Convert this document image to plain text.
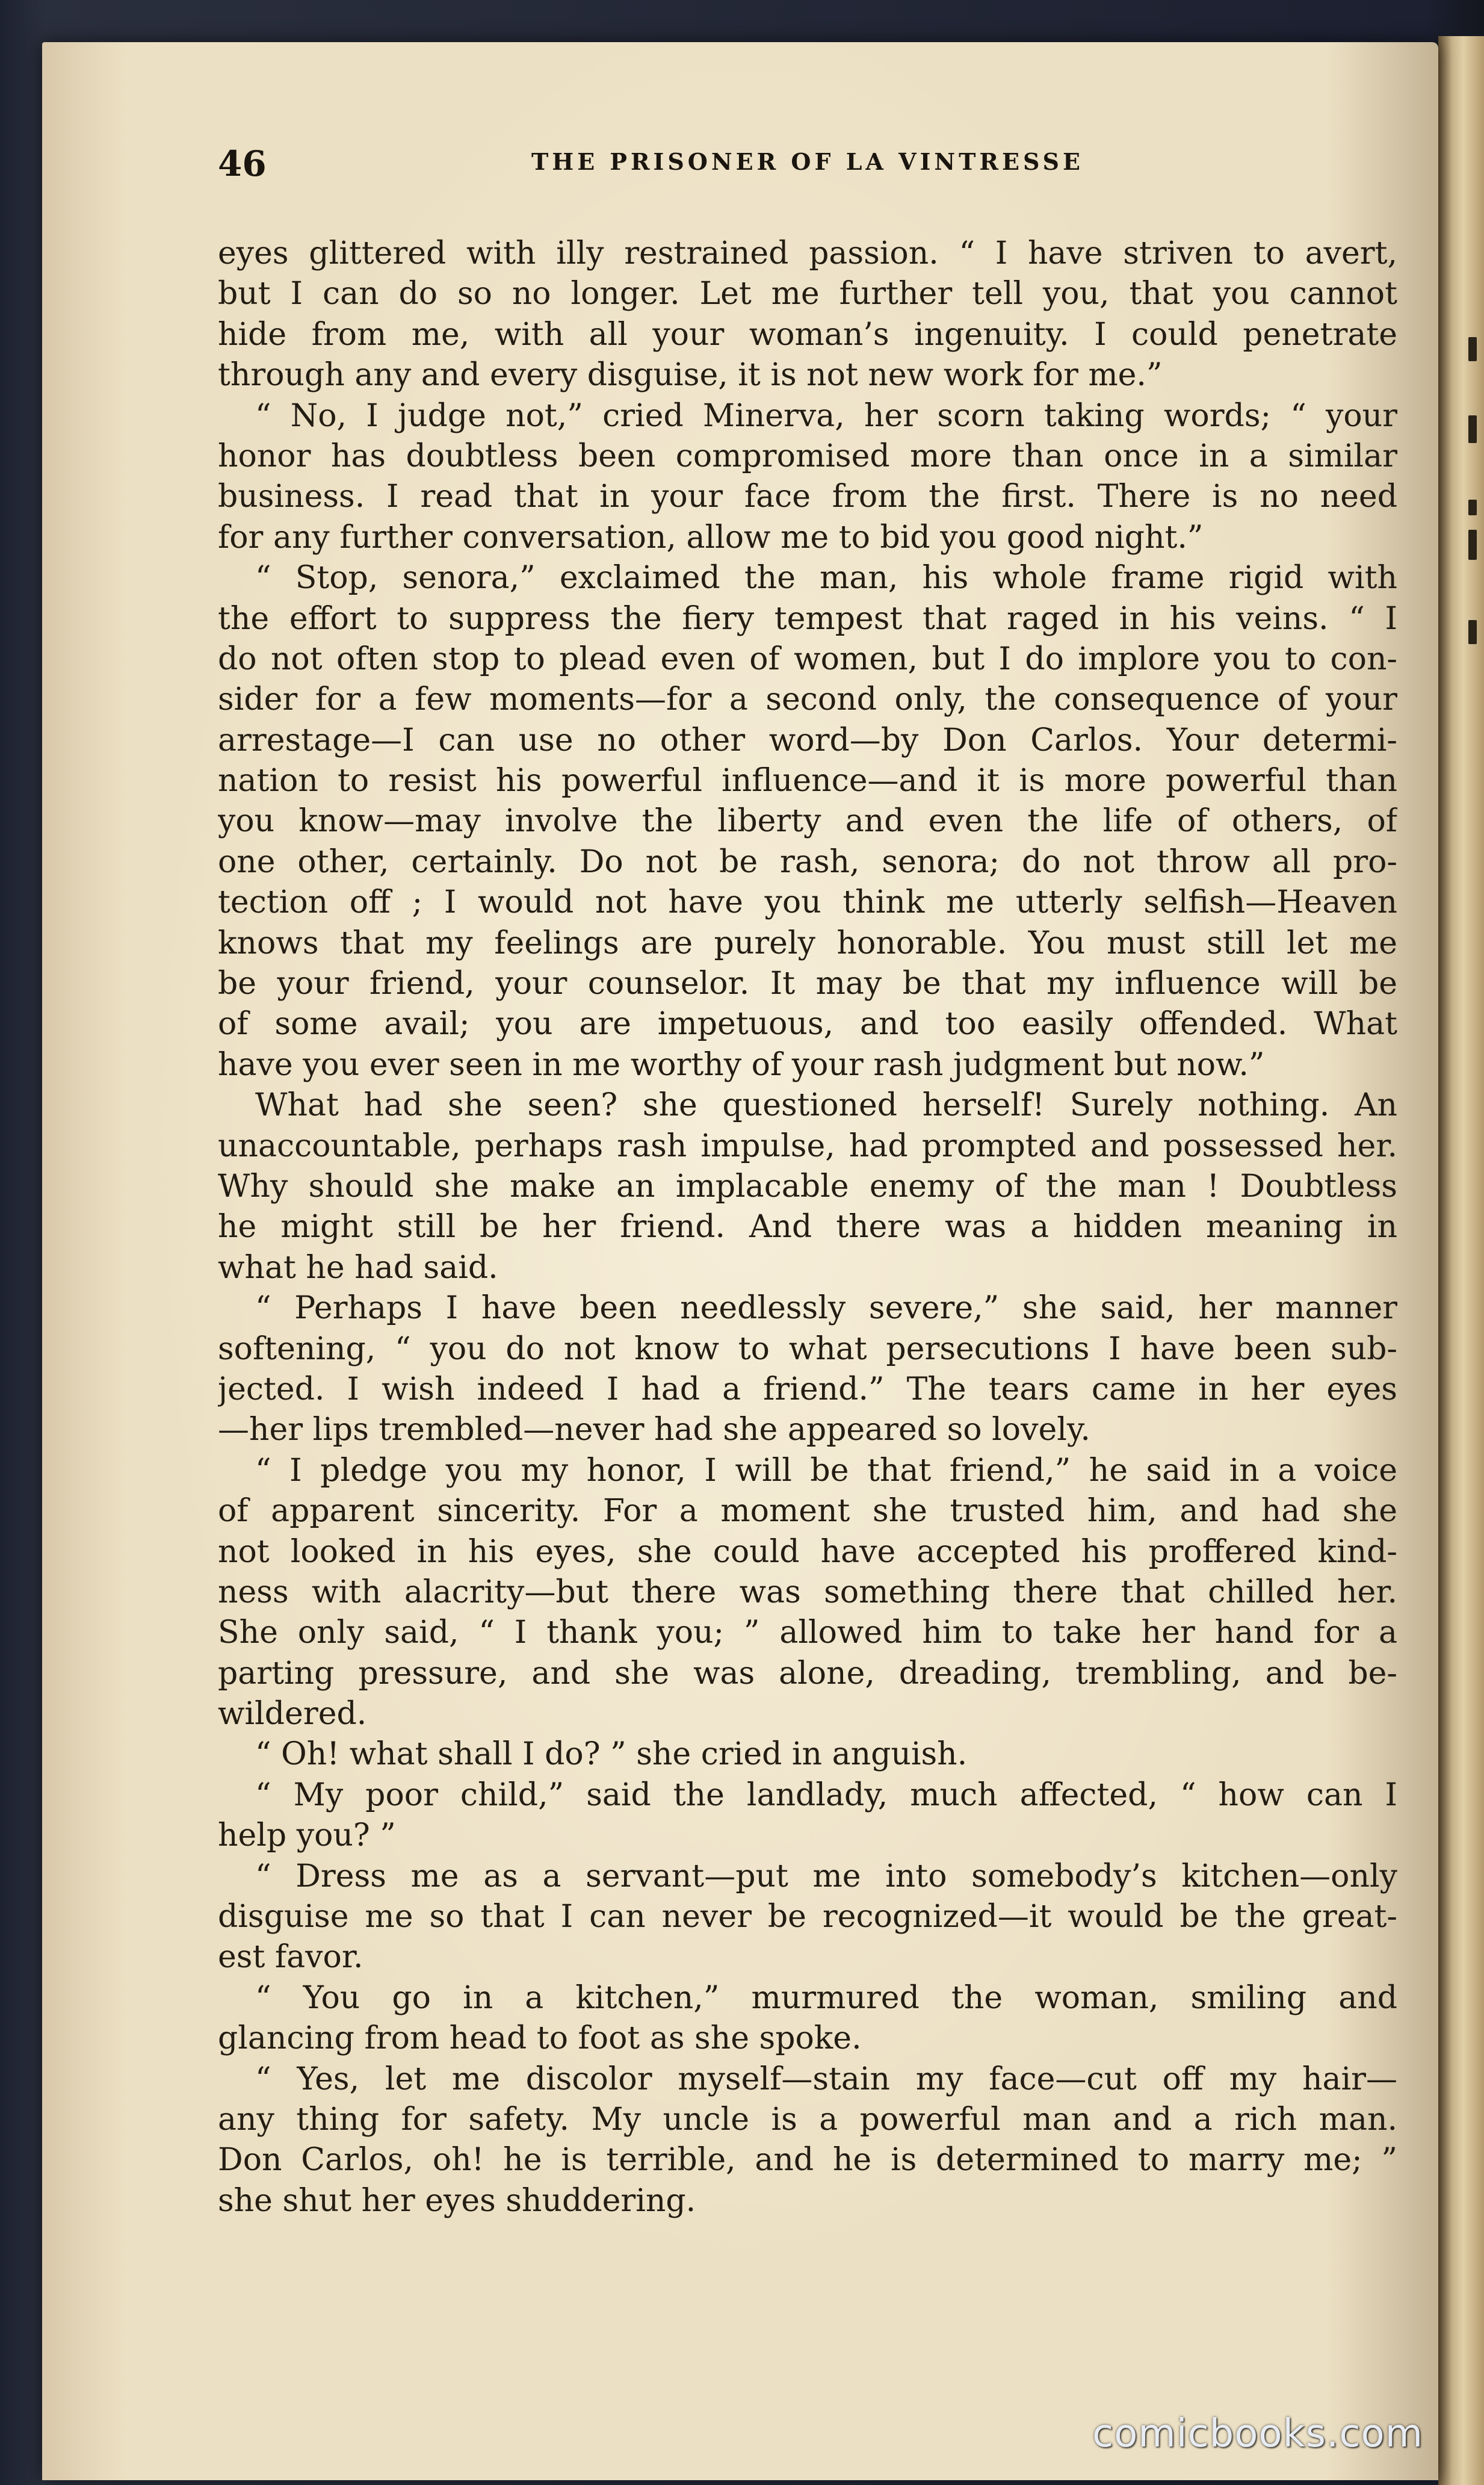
46	THE PRISONER OF LA VINTRESSE
eyes glittered with illy restrained passion. “ I have striven to avert,
but I can do so no longer. Let me further tell you, that you cannot
hide from me, with all your woman’s ingenuity. I could penetrate
through any and every disguise, it is not new work for me.”
“ No, I judge not,” cried Minerva, her scorn taking words; “ your
honor has doubtless been compromised more than once in a similar
business. I read that in your face from the first. There is no need
for any further conversation, allow me to bid you good night.”
“ Stop, senora,” exclaimed the man, his whole frame rigid with
the effort to suppress the fiery tempest that raged in his veins. “ I
do not often stop to plead even of women, but I do implore you to con-
sider for a few moments—for a second only, the consequence of your
arrestage—I can use no other word—by Don Carlos. Your determi-
nation to resist his powerful influence—and it is more powerful than
you know—may involve the liberty and even the life of others, of
one other, certainly. Do not be rash, senora; do not throw all pro-
tection off ; I would not have you think me utterly selfish—Heaven
knows that my feelings are purely honorable. You must still let me
be your friend, your counselor. It may be that my influence will be
of some avail; you are impetuous, and too easily offended. What
have you ever seen in me worthy of your rash judgment but now.”
What had she seen? she questioned herself! Surely nothing. An
unaccountable, perhaps rash impulse, had prompted and possessed her.
Why should she make an implacable enemy of the man ! Doubtless
he might still be her friend. And there was a hidden meaning in
what he had said.
“ Perhaps I have been needlessly severe,” she said, her manner
softening, “ you do not know to what persecutions I have been sub-
jected. I wish indeed I had a friend.” The tears came in her eyes
—her lips trembled—never had she appeared so lovely.
“ I pledge you my honor, I will be that friend,” he said in a voice
of apparent sincerity. For a moment she trusted him, and had she
not looked in his eyes, she could have accepted his proffered kind-
ness with alacrity—but there was something there that chilled her.
She only said, “ I thank you; ” allowed him to take her hand for a
parting pressure, and she was alone, dreading, trembling, and be-
wildered.
“ Oh! what shall I do? ” she cried in anguish.
“ My poor child,” said the landlady, much affected, “ how can I
help you? ”
“ Dress me as a servant—put me into somebody’s kitchen—only
disguise me so that I can never be recognized—it would be the great-
est favor.
“ You go in a kitchen,” murmured the woman, smiling and
glancing from head to foot as she spoke.
“ Yes, let me discolor myself—stain my face—cut off my hair—
any thing for safety. My uncle is a powerful man and a rich man.
Don Carlos, oh! he is terrible, and he is determined to marry me; ”
she shut her eyes shuddering.
comicbooks.com
